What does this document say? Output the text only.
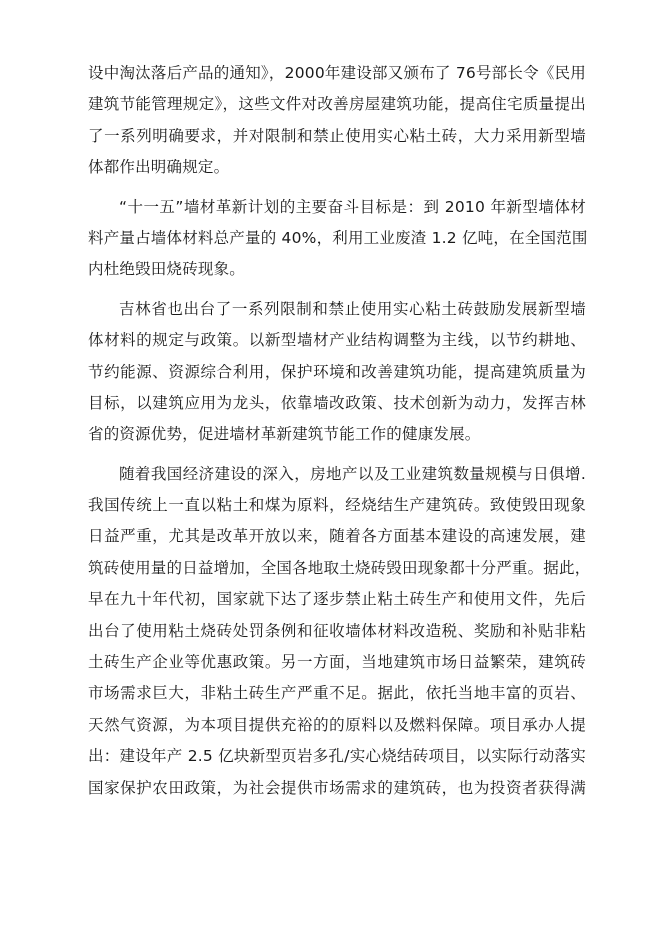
设中淘汰落后产品的通知》，2000年建设部又颁布了 76号部长令《民用
建筑节能管理规定》，这些文件对改善房屋建筑功能，提高住宅质量提出
了一系列明确要求，并对限制和禁止使用实心粘土砖，大力采用新型墙
体都作出明确规定。
“十一五”墙材革新计划的主要奋斗目标是：到 2010 年新型墙体材
料产量占墙体材料总产量的 40%，利用工业废渣 1.2 亿吨，在全国范围
内杜绝毁田烧砖现象。
吉林省也出台了一系列限制和禁止使用实心粘土砖鼓励发展新型墙
体材料的规定与政策。以新型墙材产业结构调整为主线，以节约耕地、
节约能源、资源综合利用，保护环境和改善建筑功能，提高建筑质量为
目标，以建筑应用为龙头，依靠墙改政策、技术创新为动力，发挥吉林
省的资源优势，促进墙材革新建筑节能工作的健康发展。
随着我国经济建设的深入，房地产以及工业建筑数量规模与日俱增.
我国传统上一直以粘土和煤为原料，经烧结生产建筑砖。致使毁田现象
日益严重，尤其是改革开放以来，随着各方面基本建设的高速发展，建
筑砖使用量的日益增加，全国各地取土烧砖毁田现象都十分严重。据此，
早在九十年代初，国家就下达了逐步禁止粘土砖生产和使用文件，先后
出台了使用粘土烧砖处罚条例和征收墙体材料改造税、奖励和补贴非粘
土砖生产企业等优惠政策。另一方面，当地建筑市场日益繁荣，建筑砖
市场需求巨大，非粘土砖生产严重不足。据此，依托当地丰富的页岩、
天然气资源，为本项目提供充裕的的原料以及燃料保障。项目承办人提
出：建设年产 2.5 亿块新型页岩多孔/实心烧结砖项目，以实际行动落实
国家保护农田政策，为社会提供市场需求的建筑砖，也为投资者获得满
